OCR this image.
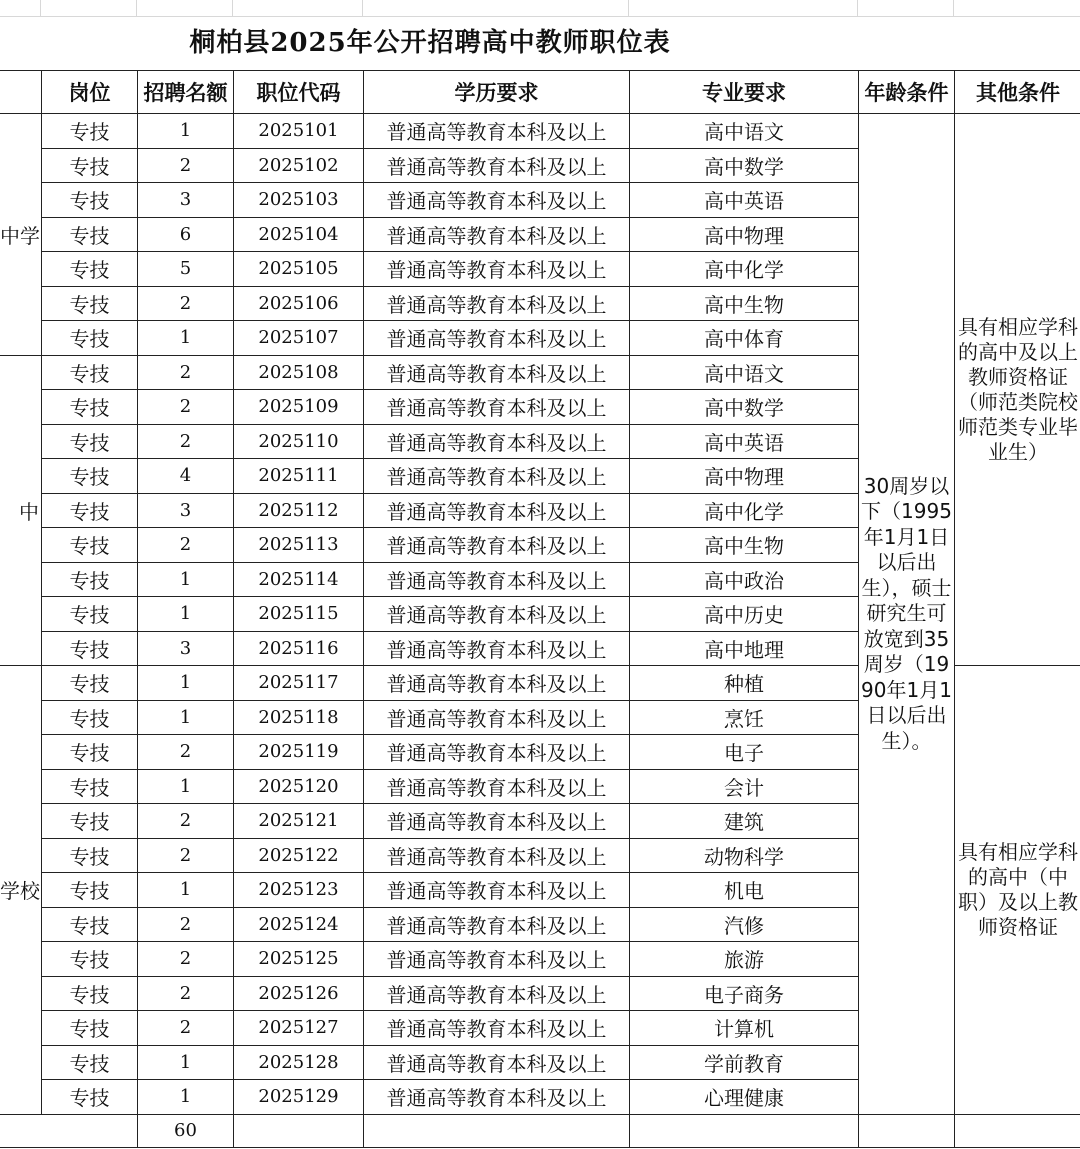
桐柏县2025年公开招聘高中教师职位表
	岗位	招聘名额	职位代码	学历要求	专业要求	年龄条件	其他条件
中学	专技	1	2025101	普通高等教育本科及以上	高中语文	30周岁以下（1995年1月1日以后出生），硕士研究生可放宽到35周岁（1990年1月1日以后出生）。	具有相应学科的高中及以上教师资格证（师范类院校师范类专业毕业生）
	专技	2	2025102	普通高等教育本科及以上	高中数学		
	专技	3	2025103	普通高等教育本科及以上	高中英语		
	专技	6	2025104	普通高等教育本科及以上	高中物理		
	专技	5	2025105	普通高等教育本科及以上	高中化学		
	专技	2	2025106	普通高等教育本科及以上	高中生物		
	专技	1	2025107	普通高等教育本科及以上	高中体育		
中	专技	2	2025108	普通高等教育本科及以上	高中语文		
	专技	2	2025109	普通高等教育本科及以上	高中数学		
	专技	2	2025110	普通高等教育本科及以上	高中英语		
	专技	4	2025111	普通高等教育本科及以上	高中物理		
	专技	3	2025112	普通高等教育本科及以上	高中化学		
	专技	2	2025113	普通高等教育本科及以上	高中生物		
	专技	1	2025114	普通高等教育本科及以上	高中政治		
	专技	1	2025115	普通高等教育本科及以上	高中历史		
	专技	3	2025116	普通高等教育本科及以上	高中地理		
学校	专技	1	2025117	普通高等教育本科及以上	种植		具有相应学科的高中（中职）及以上教师资格证
	专技	1	2025118	普通高等教育本科及以上	烹饪		
	专技	2	2025119	普通高等教育本科及以上	电子		
	专技	1	2025120	普通高等教育本科及以上	会计		
	专技	2	2025121	普通高等教育本科及以上	建筑		
	专技	2	2025122	普通高等教育本科及以上	动物科学		
	专技	1	2025123	普通高等教育本科及以上	机电		
	专技	2	2025124	普通高等教育本科及以上	汽修		
	专技	2	2025125	普通高等教育本科及以上	旅游		
	专技	2	2025126	普通高等教育本科及以上	电子商务		
	专技	2	2025127	普通高等教育本科及以上	计算机		
	专技	1	2025128	普通高等教育本科及以上	学前教育		
	专技	1	2025129	普通高等教育本科及以上	心理健康		
		60					
